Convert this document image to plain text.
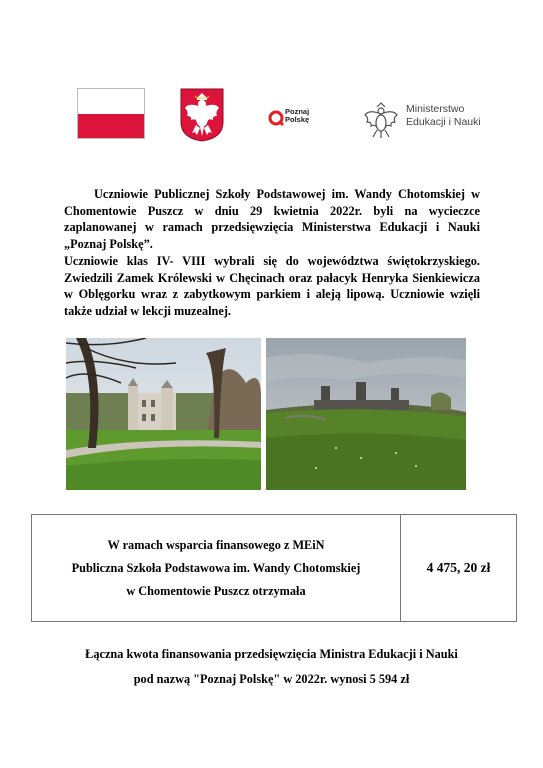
Poznaj
Polskę
Ministerstwo
Edukacji i Nauki

Uczniowie Publicznej Szkoły Podstawowej im. Wandy Chotomskiej w Chomentowie Puszcz w dniu 29 kwietnia 2022r. byli na wycieczce zaplanowanej w ramach przedsięwzięcia Ministerstwa Edukacji i Nauki „Poznaj Polskę”.

Uczniowie klas IV- VIII wybrali się do województwa świętokrzyskiego. Zwiedzili Zamek Królewski w Chęcinach oraz pałacyk Henryka Sienkiewicza w Oblęgorku wraz z zabytkowym parkiem i aleją lipową. Uczniowie wzięli także udział w lekcji muzealnej.

W ramach wsparcia finansowego z MEiN
Publiczna Szkoła Podstawowa im. Wandy Chotomskiej
w Chomentowie Puszcz otrzymała
4 475, 20 zł
Łączna kwota finansowania przedsięwzięcia Ministra Edukacji i Nauki
pod nazwą "Poznaj Polskę" w 2022r. wynosi 5 594 zł
